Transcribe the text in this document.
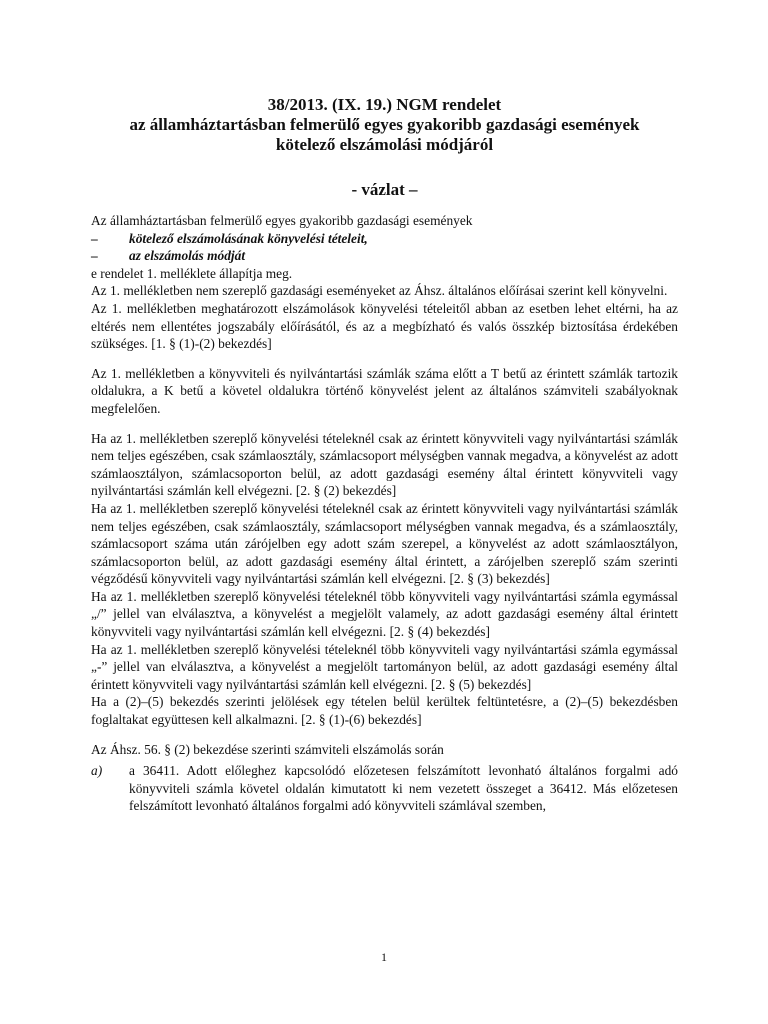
38/2013. (IX. 19.) NGM rendelet
az államháztartásban felmerülő egyes gyakoribb gazdasági események
kötelező elszámolási módjáról
- vázlat –

Az államháztartásban felmerülő egyes gyakoribb gazdasági események

–	kötelező elszámolásának könyvelési tételeit,
–	az elszámolás módját

e rendelet 1. melléklete állapítja meg.

Az 1. mellékletben nem szereplő gazdasági eseményeket az Áhsz. általános előírásai szerint kell könyvelni.

Az 1. mellékletben meghatározott elszámolások könyvelési tételeitől abban az esetben lehet eltérni, ha az eltérés nem ellentétes jogszabály előírásától, és az a megbízható és valós összkép biztosítása érdekében szükséges. [1. § (1)-(2) bekezdés]

Az 1. mellékletben a könyvviteli és nyilvántartási számlák száma előtt a T betű az érintett számlák tartozik oldalukra, a K betű a követel oldalukra történő könyvelést jelent az általános számviteli szabályoknak megfelelően.

Ha az 1. mellékletben szereplő könyvelési tételeknél csak az érintett könyvviteli vagy nyilvántartási számlák nem teljes egészében, csak számlaosztály, számlacsoport mélységben vannak megadva, a könyvelést az adott számlaosztályon, számlacsoporton belül, az adott gazdasági esemény által érintett könyvviteli vagy nyilvántartási számlán kell elvégezni. [2. § (2) bekezdés]

Ha az 1. mellékletben szereplő könyvelési tételeknél csak az érintett könyvviteli vagy nyilvántartási számlák nem teljes egészében, csak számlaosztály, számlacsoport mélységben vannak megadva, és a számlaosztály, számlacsoport száma után zárójelben egy adott szám szerepel, a könyvelést az adott számlaosztályon, számlacsoporton belül, az adott gazdasági esemény által érintett, a zárójelben szereplő szám szerinti végződésű könyvviteli vagy nyilvántartási számlán kell elvégezni. [2. § (3) bekezdés]

Ha az 1. mellékletben szereplő könyvelési tételeknél több könyvviteli vagy nyilvántartási számla egymással „/” jellel van elválasztva, a könyvelést a megjelölt valamely, az adott gazdasági esemény által érintett könyvviteli vagy nyilvántartási számlán kell elvégezni. [2. § (4) bekezdés]

Ha az 1. mellékletben szereplő könyvelési tételeknél több könyvviteli vagy nyilvántartási számla egymással „-” jellel van elválasztva, a könyvelést a megjelölt tartományon belül, az adott gazdasági esemény által érintett könyvviteli vagy nyilvántartási számlán kell elvégezni. [2. § (5) bekezdés]

Ha a (2)–(5) bekezdés szerinti jelölések egy tételen belül kerültek feltüntetésre, a (2)–(5) bekezdésben foglaltakat együttesen kell alkalmazni. [2. § (1)-(6) bekezdés]

Az Áhsz. 56. § (2) bekezdése szerinti számviteli elszámolás során

a)	a 36411. Adott előleghez kapcsolódó előzetesen felszámított levonható általános forgalmi adó könyvviteli számla követel oldalán kimutatott ki nem vezetett összeget a 36412. Más előzetesen felszámított levonható általános forgalmi adó könyvviteli számlával szemben,
1
